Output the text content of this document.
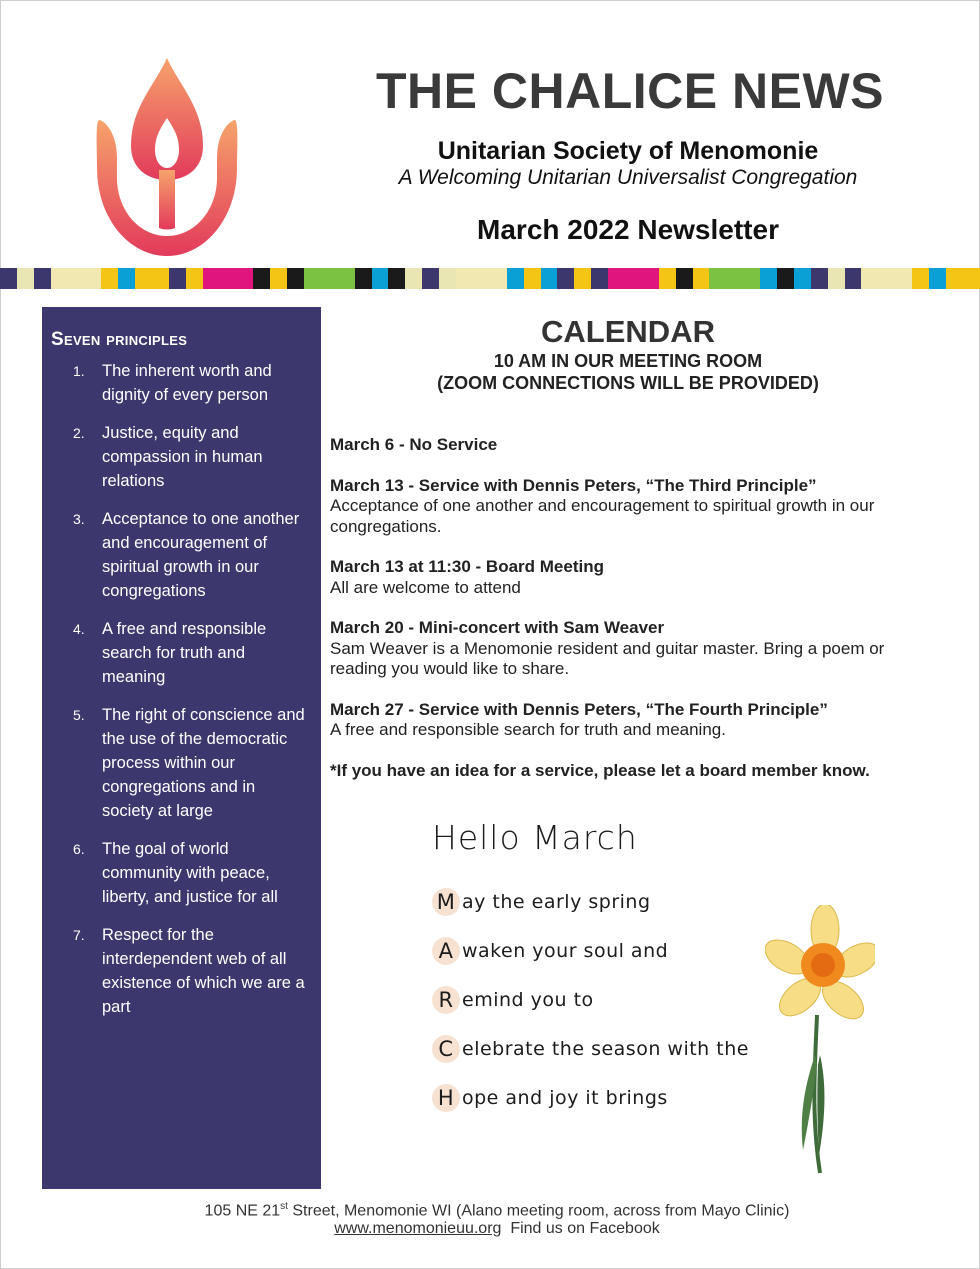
THE CHALICE NEWS
Unitarian Society of Menomonie
A Welcoming Unitarian Universalist Congregation
March 2022 Newsletter
Seven principles
1. The inherent worth and dignity of every person
2. Justice, equity and compassion in human relations
3. Acceptance to one another and encouragement of spiritual growth in our congregations
4. A free and responsible search for truth and meaning
5. The right of conscience and the use of the democratic process within our congregations and in society at large
6. The goal of world community with peace, liberty, and justice for all
7. Respect for the interdependent web of all existence of which we are a part
CALENDAR
10 AM IN OUR MEETING ROOM
(ZOOM CONNECTIONS WILL BE PROVIDED)
March 6 - No Service
March 13 - Service with Dennis Peters, “The Third Principle”
Acceptance of one another and encouragement to spiritual growth in our congregations.
March 13 at 11:30 - Board Meeting
All are welcome to attend
March 20 - Mini-concert with Sam Weaver
Sam Weaver is a Menomonie resident and guitar master. Bring a poem or reading you would like to share.
March 27 - Service with Dennis Peters, “The Fourth Principle”
A free and responsible search for truth and meaning.
*If you have an idea for a service, please let a board member know.
Hello March
M ay the early spring
A waken your soul and
R emind you to
C elebrate the season with the
H ope and joy it brings
105 NE 21st Street, Menomonie WI (Alano meeting room, across from Mayo Clinic)
www.menomonieuu.org  Find us on Facebook
